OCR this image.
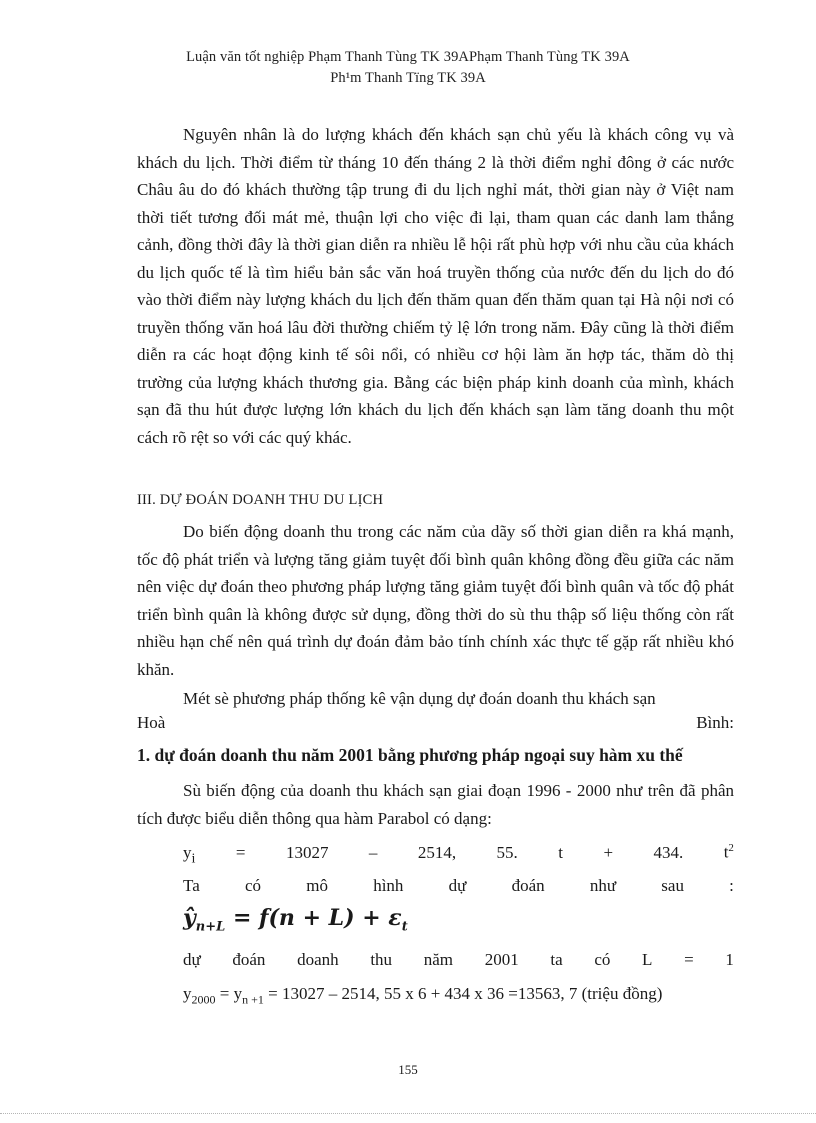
Luận văn tốt nghiệp Phạm Thanh Tùng TK 39APhạm Thanh Tùng TK 39A
Ph¹m Thanh Tïng TK 39A

Nguyên nhân là do lượng khách đến khách sạn chủ yếu là khách công vụ và khách du lịch. Thời điểm từ tháng 10 đến tháng 2 là thời điểm nghỉ đông ở các nước Châu âu do đó khách thường tập trung đi du lịch nghỉ mát, thời gian này ở Việt nam thời tiết tương đối mát mẻ, thuận lợi cho việc đi lại, tham quan các danh lam thắng cảnh, đồng thời đây là thời gian diễn ra nhiều lễ hội rất phù hợp với nhu cầu của khách du lịch quốc tế là tìm hiểu bản sắc văn hoá truyền thống của nước đến du lịch do đó vào thời điểm này lượng khách du lịch đến thăm quan đến thăm quan tại Hà nội nơi có truyền thống văn hoá lâu đời thường chiếm tỷ lệ lớn trong năm. Đây cũng là thời điểm diễn ra các hoạt động kinh tế sôi nổi, có nhiều cơ hội làm ăn hợp tác, thăm dò thị trường của lượng khách thương gia. Bằng các biện pháp kinh doanh của mình, khách sạn đã thu hút được lượng lớn khách du lịch đến khách sạn làm tăng doanh thu một cách rõ rệt so với các quý khác.

III. DỰ ĐOÁN DOANH THU DU LỊCH

Do biến động doanh thu trong các năm của dãy số thời gian diễn ra khá mạnh, tốc độ phát triển và lượng tăng giảm tuyệt đối bình quân không đồng đều giữa các năm nên việc dự đoán theo phương pháp lượng tăng giảm tuyệt đối bình quân và tốc độ phát triển bình quân là không được sử dụng, đồng thời do sù thu thập số liệu thống còn rất nhiều hạn chế nên quá trình dự đoán đảm bảo tính chính xác thực tế gặp rất nhiều khó khăn.

Mét sè phương pháp thống kê vận dụng dự đoán doanh thu khách sạn

Hoà	Bình:
1. dự đoán doanh thu năm 2001 bằng phương pháp ngoại suy hàm xu thế

Sù biến động của doanh thu khách sạn giai đoạn 1996 - 2000 như trên đã phân tích được biểu diễn thông qua hàm Parabol có dạng:

$y_i = 13027 - 2514$, 55. t + 434. $t^2$
Ta	có	mô	hình	dự	đoán	như	sau	:
$ŷ_{n+L} = f(n + L) + \varepsilon_t$
dự đoán doanh thu năm 2001 ta có L = 1
$y_{2000} = y_{n +1} = 13027 - 2514$, 55 x 6 + 434 x 36 =13563, 7 (triệu đồng)
155
